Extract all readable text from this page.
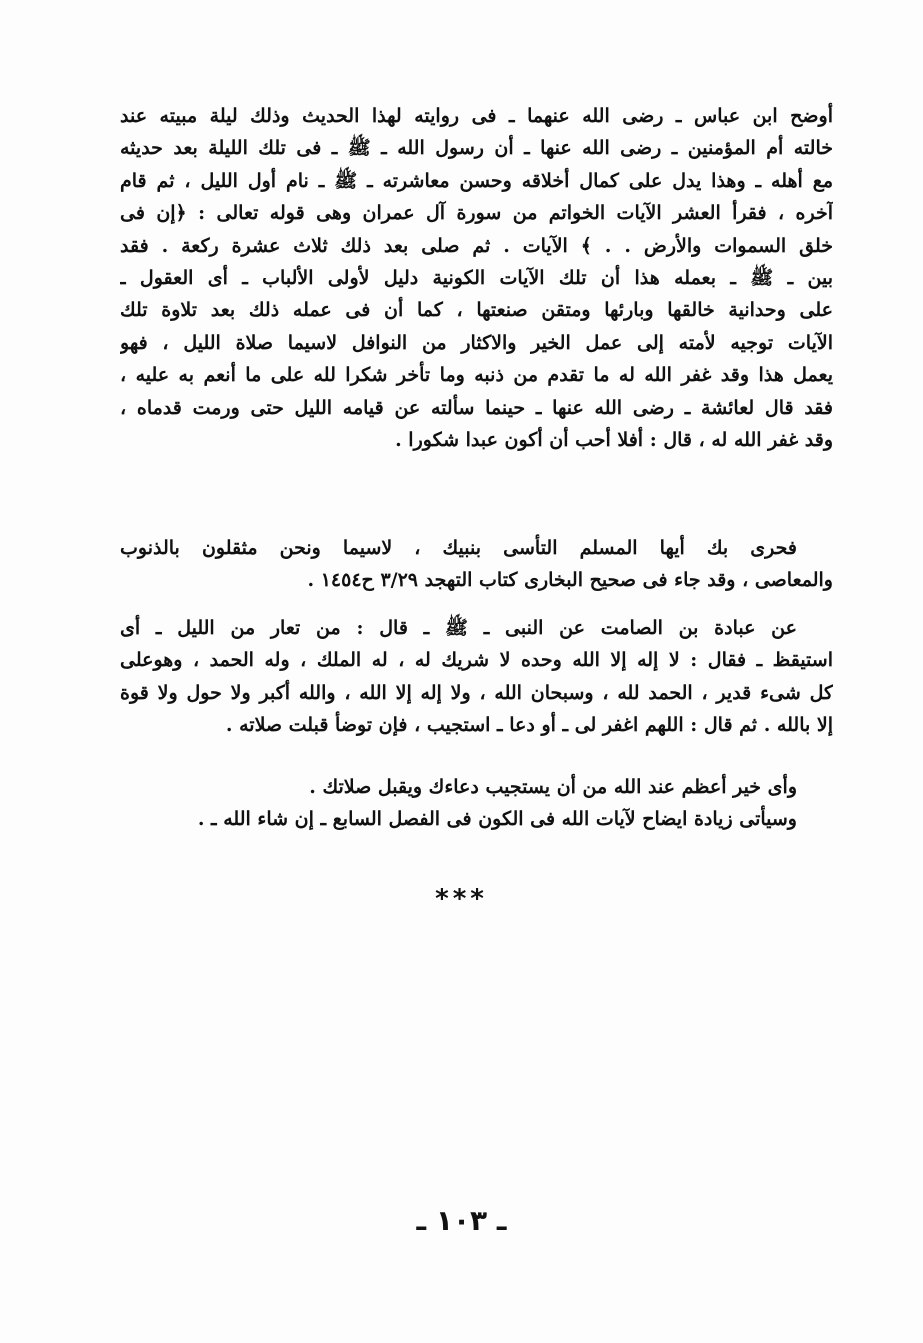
أوضح ابن عباس ـ رضى الله عنهما ـ فى روايته لهذا الحديث وذلك ليلة مبيته عند
خالته أم المؤمنين ـ رضى الله عنها ـ أن رسول الله ـ ﷺ ـ فى تلك الليلة بعد حديثه
مع أهله ـ وهذا يدل على كمال أخلاقه وحسن معاشرته ـ ﷺ ـ نام أول الليل ، ثم قام
آخره ، فقرأ العشر الآيات الخواتم من سورة آل عمران وهى قوله تعالى : ﴿إن فى
خلق السموات والأرض . . ﴾ الآيات . ثم صلى بعد ذلك ثلاث عشرة ركعة . فقد
بين ـ ﷺ ـ بعمله هذا أن تلك الآيات الكونية دليل لأولى الألباب ـ أى العقول ـ
على وحدانية خالقها وبارئها ومتقن صنعتها ، كما أن فى عمله ذلك بعد تلاوة تلك
الآيات توجيه لأمته إلى عمل الخير والاكثار من النوافل لاسيما صلاة الليل ، فهو
يعمل هذا وقد غفر الله له ما تقدم من ذنبه وما تأخر شكرا لله على ما أنعم به عليه ،
فقد قال لعائشة ـ رضى الله عنها ـ حينما سألته عن قيامه الليل حتى ورمت قدماه ،
وقد غفر الله له ، قال : أفلا أحب أن أكون عبدا شكورا .
فحرى بك أيها المسلم التأسى بنبيك ، لاسيما ونحن مثقلون بالذنوب
والمعاصى ، وقد جاء فى صحيح البخارى كتاب التهجد ٣/٢٩ ح١٤٥٤ .
عن عبادة بن الصامت عن النبى ـ ﷺ ـ قال : من تعار من الليل ـ أى
استيقظ ـ فقال : لا إله إلا الله وحده لا شريك له ، له الملك ، وله الحمد ، وهوعلى
كل شىء قدير ، الحمد لله ، وسبحان الله ، ولا إله إلا الله ، والله أكبر ولا حول ولا قوة
إلا بالله . ثم قال : اللهم اغفر لى ـ أو دعا ـ استجيب ، فإن توضأ قبلت صلاته .
وأى خير أعظم عند الله من أن يستجيب دعاءك ويقبل صلاتك .
وسيأتى زيادة ايضاح لآيات الله فى الكون فى الفصل السابع ـ إن شاء الله ـ .
***
ـ ١٠٣ ـ
